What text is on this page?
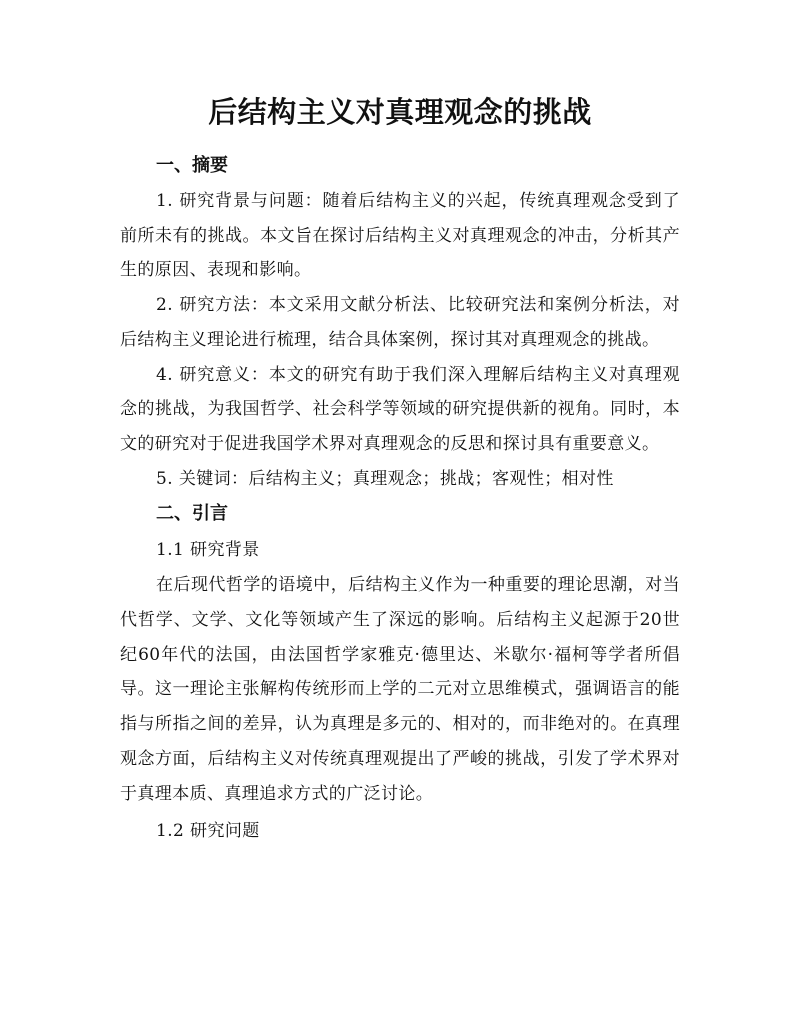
后结构主义对真理观念的挑战
一、摘要

1. 研究背景与问题：随着后结构主义的兴起，传统真理观念受到了前所未有的挑战。本文旨在探讨后结构主义对真理观念的冲击，分析其产生的原因、表现和影响。

2. 研究方法：本文采用文献分析法、比较研究法和案例分析法，对后结构主义理论进行梳理，结合具体案例，探讨其对真理观念的挑战。

4. 研究意义：本文的研究有助于我们深入理解后结构主义对真理观念的挑战，为我国哲学、社会科学等领域的研究提供新的视角。同时，本文的研究对于促进我国学术界对真理观念的反思和探讨具有重要意义。

5. 关键词：后结构主义；真理观念；挑战；客观性；相对性

二、引言

1.1 研究背景

在后现代哲学的语境中，后结构主义作为一种重要的理论思潮，对当代哲学、文学、文化等领域产生了深远的影响。后结构主义起源于20世纪60年代的法国，由法国哲学家雅克·德里达、米歇尔·福柯等学者所倡导。这一理论主张解构传统形而上学的二元对立思维模式，强调语言的能指与所指之间的差异，认为真理是多元的、相对的，而非绝对的。在真理观念方面，后结构主义对传统真理观提出了严峻的挑战，引发了学术界对于真理本质、真理追求方式的广泛讨论。

1.2 研究问题
